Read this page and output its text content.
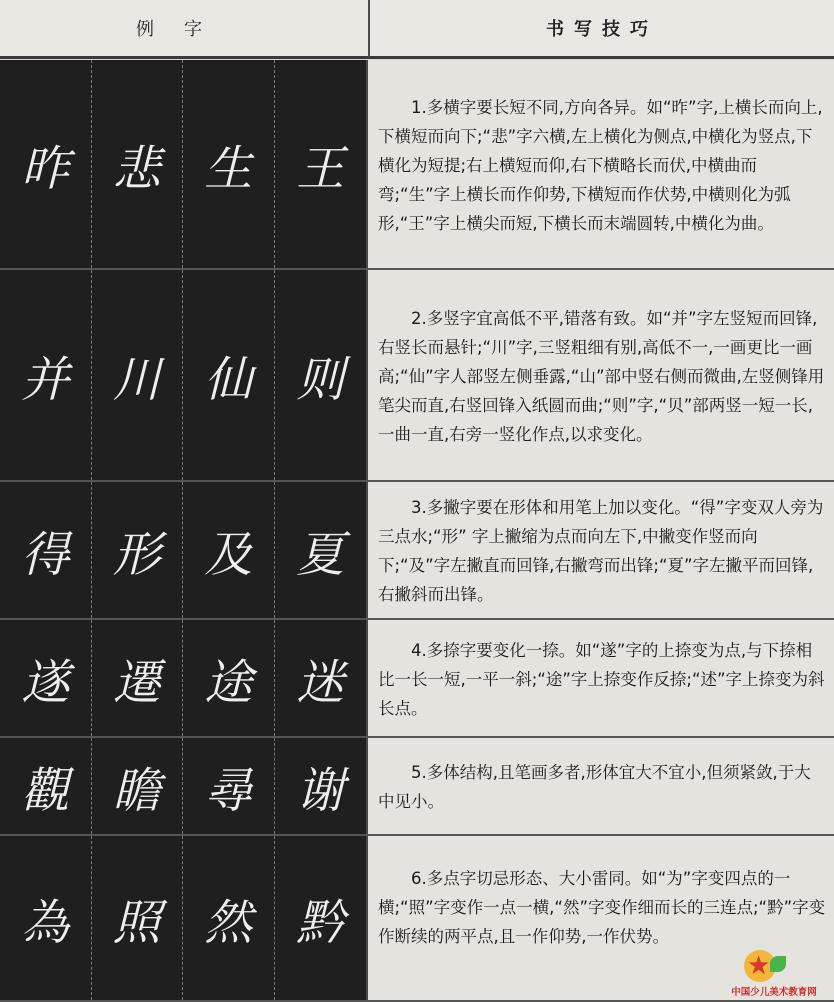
例字	书写技巧
昨 悲 生 王
1.多横字要长短不同,方向各异。如“昨”字,上横长而向上,下横短而向下;“悲”字六横,左上横化为侧点,中横化为竖点,下横化为短提;右上横短而仰,右下横略长而伏,中横曲而弯;“生”字上横长而作仰势,下横短而作伏势,中横则化为弧形,“王”字上横尖而短,下横长而末端圆转,中横化为曲。
并 川 仙 则
2.多竖字宜高低不平,错落有致。如“并”字左竖短而回锋,右竖长而悬针;“川”字,三竖粗细有别,高低不一,一画更比一画高;“仙”字人部竖左侧垂露,“山”部中竖右侧而微曲,左竖侧锋用笔尖而直,右竖回锋入纸圆而曲;“则”字,“贝”部两竖一短一长,一曲一直,右旁一竖化作点,以求变化。
得 形 及 夏
3.多撇字要在形体和用笔上加以变化。“得”字变双人旁为三点水;“形” 字上撇缩为点而向左下,中撇变作竖而向下;“及”字左撇直而回锋,右撇弯而出锋;“夏”字左撇平而回锋,右撇斜而出锋。
遂 遷 途 迷
4.多捺字要变化一捺。如“遂”字的上捺变为点,与下捺相比一长一短,一平一斜;“途”字上捺变作反捺;“述”字上捺变为斜长点。
觀 瞻 尋 谢	5.多体结构,且笔画多者,形体宜大不宜小,但须紧敛,于大中见小。
為 照 然 黔
6.多点字切忌形态、大小雷同。如“为”字变四点的一横;“照”字变作一点一横,“然”字变作细而长的三连点;“黔”字变作断续的两平点,且一作仰势,一作伏势。
★
中国少儿美术教育网
